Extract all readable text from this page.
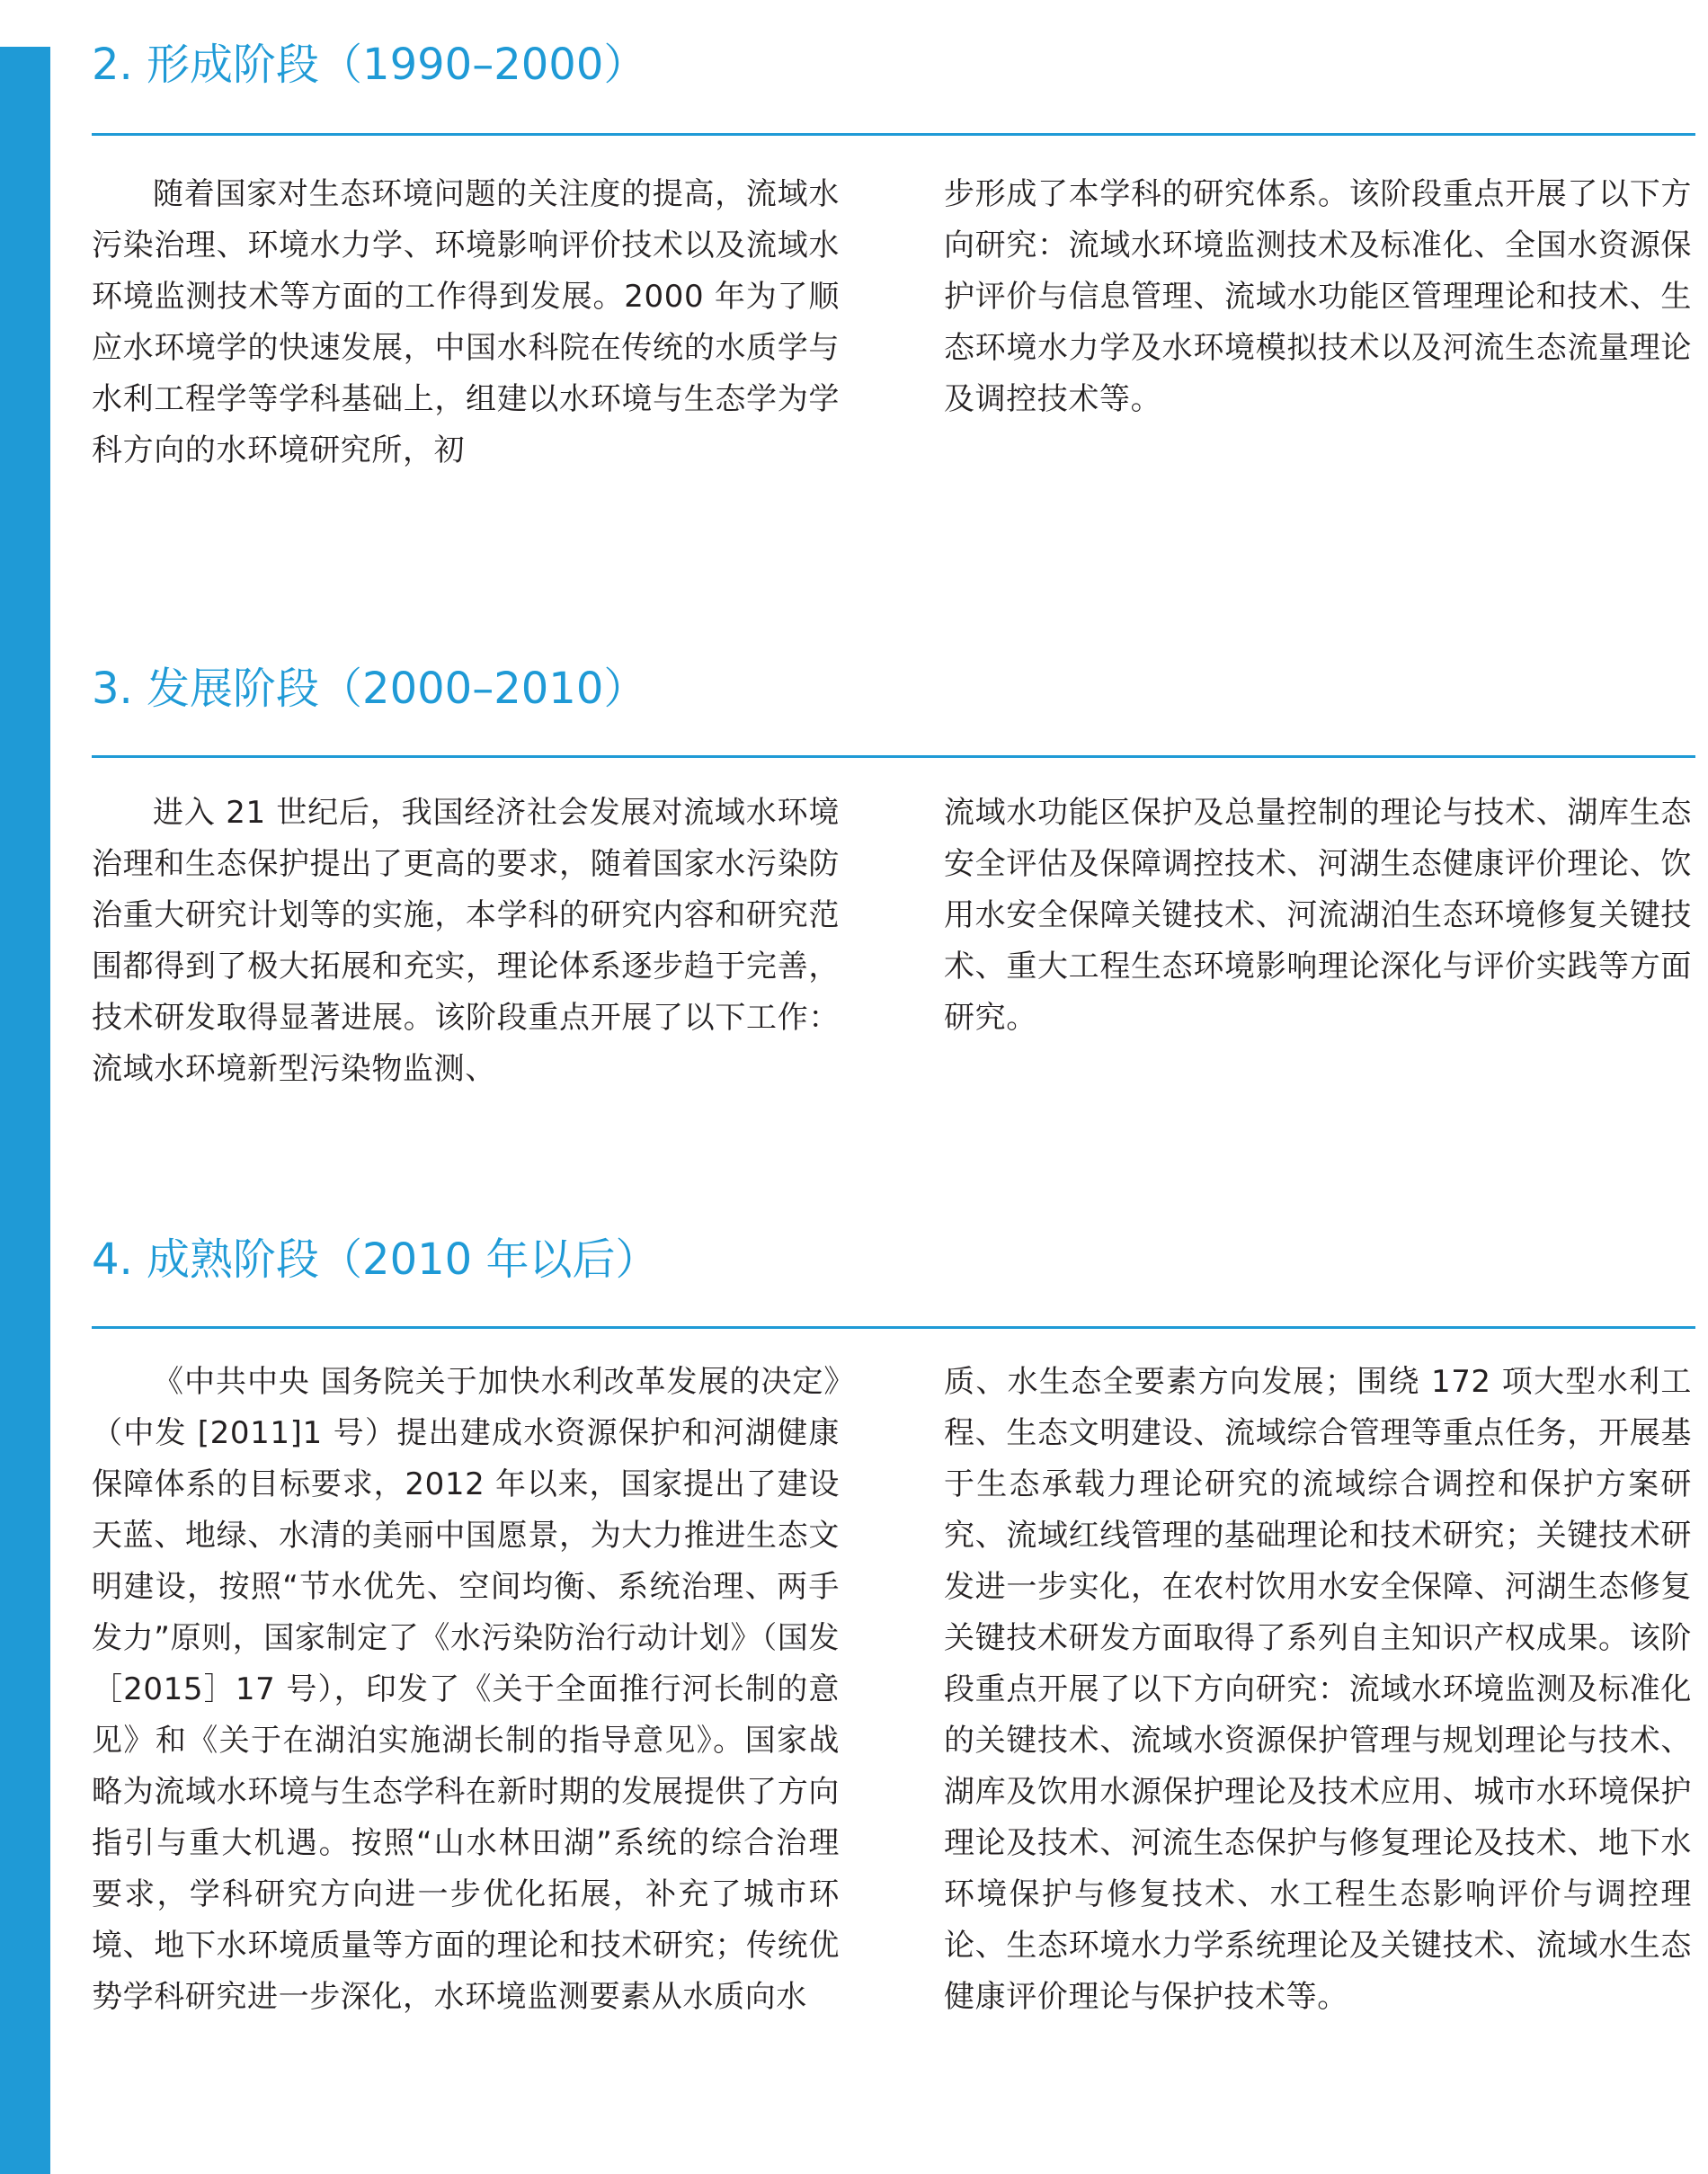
2. 形成阶段（1990–2000）

随着国家对生态环境问题的关注度的提高，流域水污染治理、环境水力学、环境影响评价技术以及流域水环境监测技术等方面的工作得到发展。2000 年为了顺应水环境学的快速发展，中国水科院在传统的水质学与水利工程学等学科基础上，组建以水环境与生态学为学科方向的水环境研究所，初

步形成了本学科的研究体系。该阶段重点开展了以下方向研究：流域水环境监测技术及标准化、全国水资源保护评价与信息管理、流域水功能区管理理论和技术、生态环境水力学及水环境模拟技术以及河流生态流量理论及调控技术等。

3. 发展阶段（2000–2010）

进入 21 世纪后，我国经济社会发展对流域水环境治理和生态保护提出了更高的要求，随着国家水污染防治重大研究计划等的实施，本学科的研究内容和研究范围都得到了极大拓展和充实，理论体系逐步趋于完善，技术研发取得显著进展。该阶段重点开展了以下工作：流域水环境新型污染物监测、

流域水功能区保护及总量控制的理论与技术、湖库生态安全评估及保障调控技术、河湖生态健康评价理论、饮用水安全保障关键技术、河流湖泊生态环境修复关键技术、重大工程生态环境影响理论深化与评价实践等方面研究。

4. 成熟阶段（2010 年以后）

《中共中央 国务院关于加快水利改革发展的决定》（中发 [2011]1 号）提出建成水资源保护和河湖健康保障体系的目标要求，2012 年以来，国家提出了建设天蓝、地绿、水清的美丽中国愿景，为大力推进生态文明建设，按照“节水优先、空间均衡、系统治理、两手发力”原则，国家制定了《水污染防治行动计划》（国发［2015］17 号），印发了《关于全面推行河长制的意见》和《关于在湖泊实施湖长制的指导意见》。国家战略为流域水环境与生态学科在新时期的发展提供了方向指引与重大机遇。按照“山水林田湖”系统的综合治理要求，学科研究方向进一步优化拓展，补充了城市环境、地下水环境质量等方面的理论和技术研究；传统优势学科研究进一步深化，水环境监测要素从水质向水

质、水生态全要素方向发展；围绕 172 项大型水利工程、生态文明建设、流域综合管理等重点任务，开展基于生态承载力理论研究的流域综合调控和保护方案研究、流域红线管理的基础理论和技术研究；关键技术研发进一步实化，在农村饮用水安全保障、河湖生态修复关键技术研发方面取得了系列自主知识产权成果。该阶段重点开展了以下方向研究：流域水环境监测及标准化的关键技术、流域水资源保护管理与规划理论与技术、湖库及饮用水源保护理论及技术应用、城市水环境保护理论及技术、河流生态保护与修复理论及技术、地下水环境保护与修复技术、水工程生态影响评价与调控理论、生态环境水力学系统理论及关键技术、流域水生态健康评价理论与保护技术等。
